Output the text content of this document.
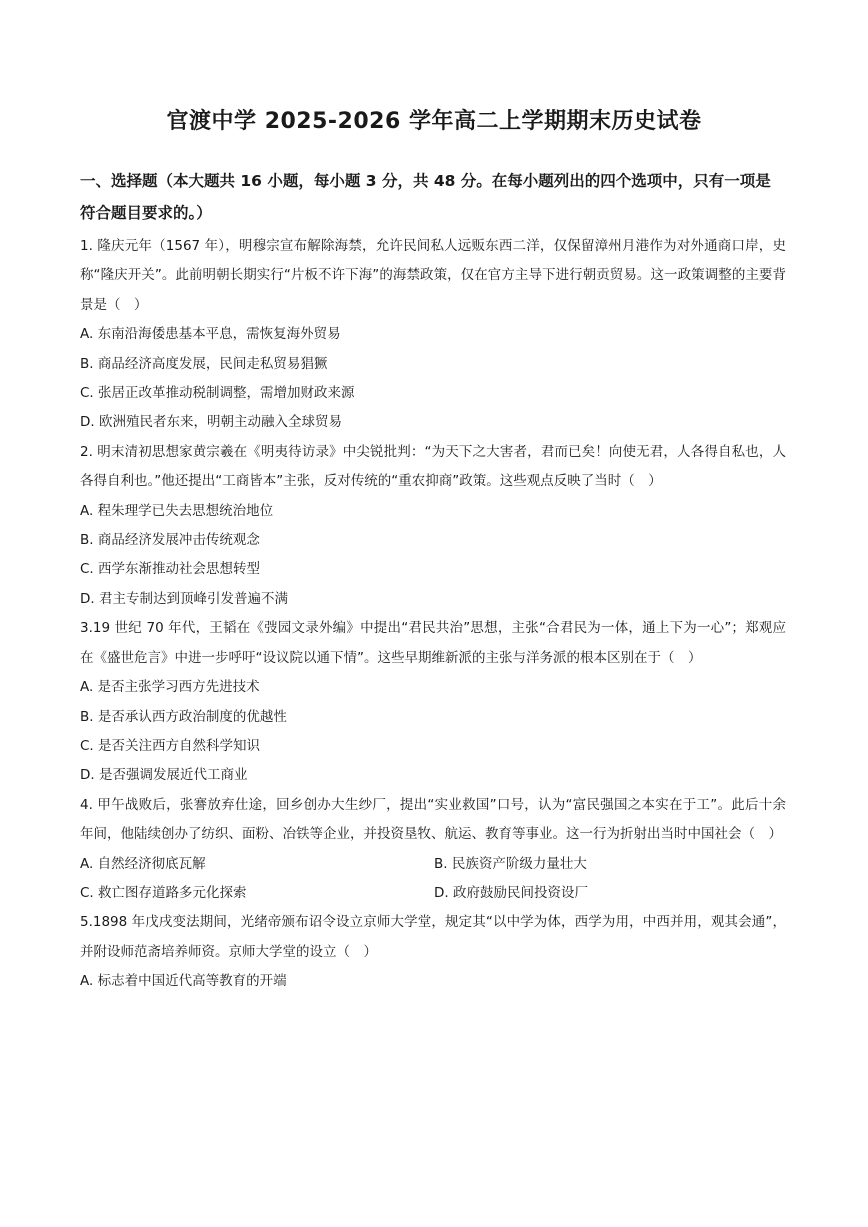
官渡中学 2025-2026 学年高二上学期期末历史试卷
一、选择题（本大题共 16 小题，每小题 3 分，共 48 分。在每小题列出的四个选项中，只有一项是符合题目要求的。）

1. 隆庆元年（1567 年），明穆宗宣布解除海禁，允许民间私人远贩东西二洋，仅保留漳州月港作为对外通商口岸，史称“隆庆开关”。此前明朝长期实行“片板不许下海”的海禁政策，仅在官方主导下进行朝贡贸易。这一政策调整的主要背景是（　）

A. 东南沿海倭患基本平息，需恢复海外贸易

B. 商品经济高度发展，民间走私贸易猖獗

C. 张居正改革推动税制调整，需增加财政来源

D. 欧洲殖民者东来，明朝主动融入全球贸易

2. 明末清初思想家黄宗羲在《明夷待访录》中尖锐批判：“为天下之大害者，君而已矣！向使无君，人各得自私也，人各得自利也。”他还提出“工商皆本”主张，反对传统的“重农抑商”政策。这些观点反映了当时（　）

A. 程朱理学已失去思想统治地位

B. 商品经济发展冲击传统观念

C. 西学东渐推动社会思想转型

D. 君主专制达到顶峰引发普遍不满

3.19 世纪 70 年代，王韬在《弢园文录外编》中提出“君民共治”思想，主张“合君民为一体，通上下为一心”；郑观应在《盛世危言》中进一步呼吁“设议院以通下情”。这些早期维新派的主张与洋务派的根本区别在于（　）

A. 是否主张学习西方先进技术

B. 是否承认西方政治制度的优越性

C. 是否关注西方自然科学知识

D. 是否强调发展近代工商业

4. 甲午战败后，张謇放弃仕途，回乡创办大生纱厂，提出“实业救国”口号，认为“富民强国之本实在于工”。此后十余年间，他陆续创办了纺织、面粉、冶铁等企业，并投资垦牧、航运、教育等事业。这一行为折射出当时中国社会（　）

A. 自然经济彻底瓦解	B. 民族资产阶级力量壮大

C. 救亡图存道路多元化探索	D. 政府鼓励民间投资设厂

5.1898 年戊戌变法期间，光绪帝颁布诏令设立京师大学堂，规定其“以中学为体，西学为用，中西并用，观其会通”，并附设师范斋培养师资。京师大学堂的设立（　）

A. 标志着中国近代高等教育的开端
